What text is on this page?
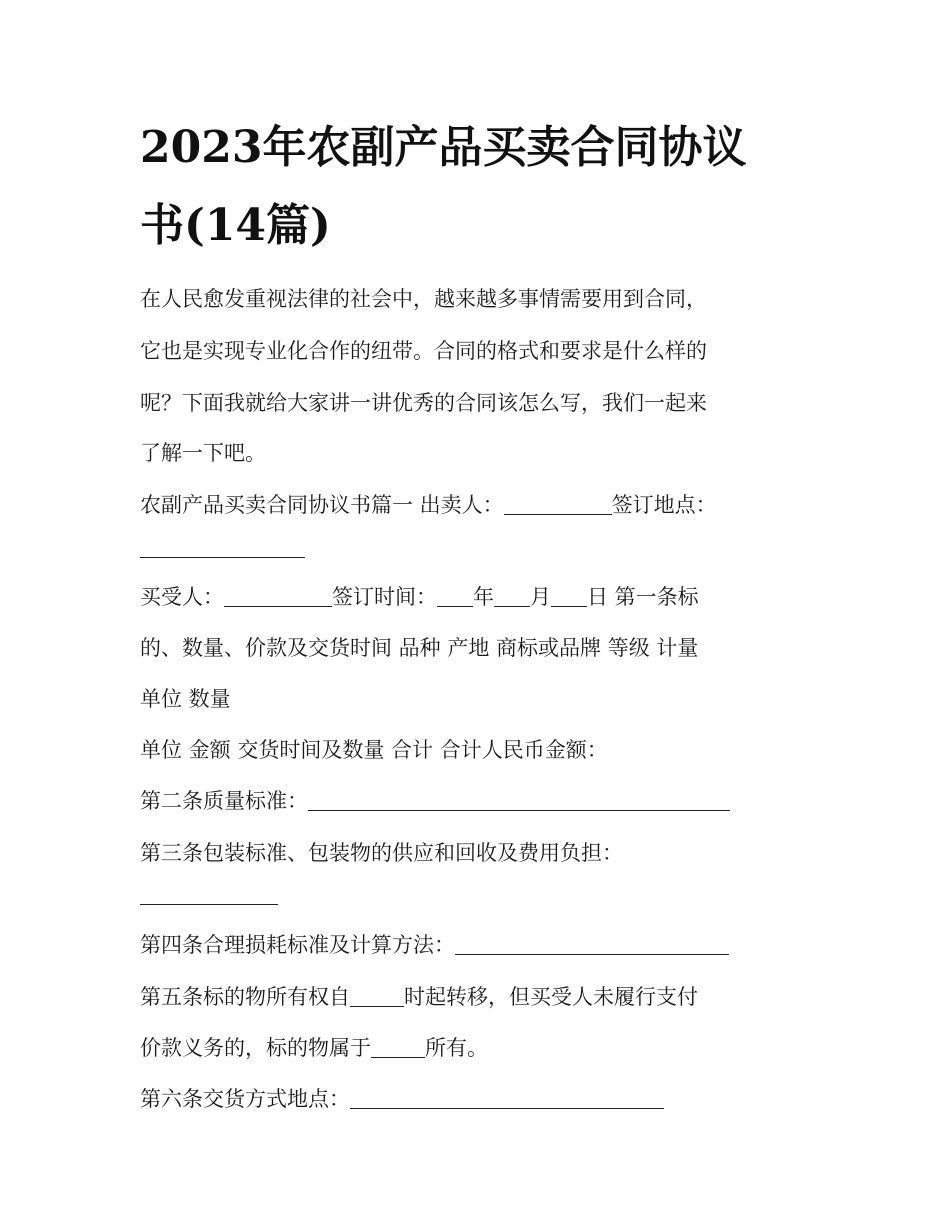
2023年农副产品买卖合同协议
书(14篇)
在人民愈发重视法律的社会中，越来越多事情需要用到合同，
它也是实现专业化合作的纽带。合同的格式和要求是什么样的
呢？下面我就给大家讲一讲优秀的合同该怎么写，我们一起来
了解一下吧。
农副产品买卖合同协议书篇一 出卖人：	签订地点：
买受人：	签订时间： 年 月 日 第一条标
的、数量、价款及交货时间 品种 产地 商标或品牌 等级 计量
单位 数量
单位 金额 交货时间及数量 合计 合计人民币金额：
第二条质量标准：
第三条包装标准、包装物的供应和回收及费用负担：
第四条合理损耗标准及计算方法：
第五条标的物所有权自	时起转移，但买受人未履行支付
价款义务的，标的物属于	所有。
第六条交货方式地点：
